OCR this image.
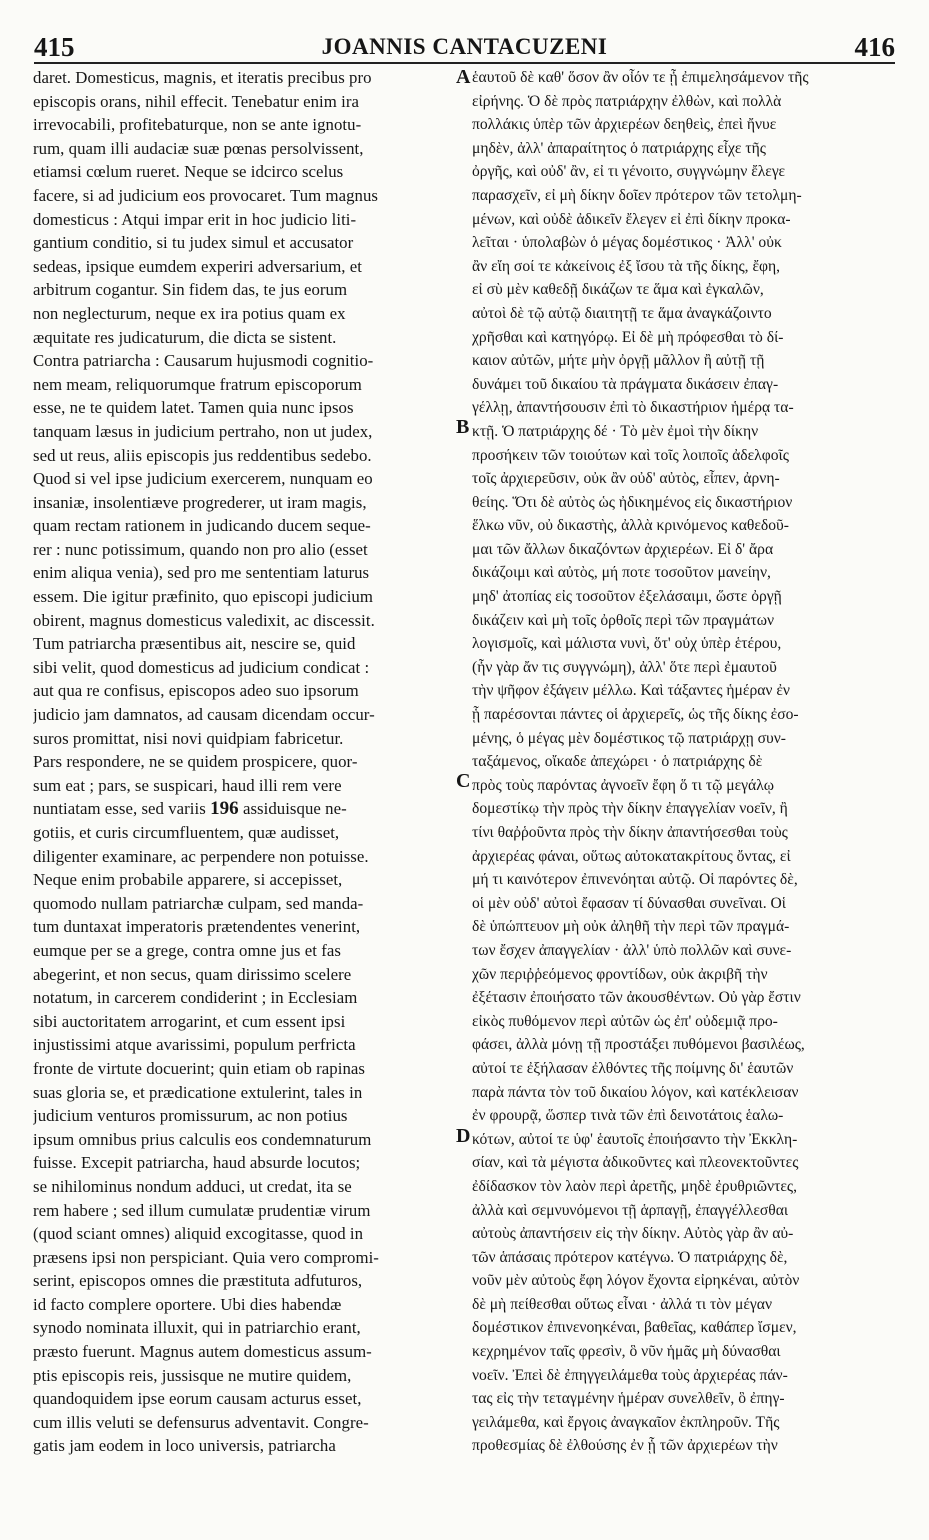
415	JOANNIS CANTACUZENI	416
daret. Domesticus, magnis, et iteratis precibus pro
episcopis orans, nihil effecit. Tenebatur enim ira
irrevocabili, profitebaturque, non se ante ignotu-
rum, quam illi audaciæ suæ pœnas persolvissent,
etiamsi cœlum rueret. Neque se idcirco scelus
facere, si ad judicium eos provocaret. Tum magnus
domesticus : Atqui impar erit in hoc judicio liti-
gantium conditio, si tu judex simul et accusator
sedeas, ipsique eumdem experiri adversarium, et
arbitrum cogantur. Sin fidem das, te jus eorum
non neglecturum, neque ex ira potius quam ex
æquitate res judicaturum, die dicta se sistent.
Contra patriarcha : Causarum hujusmodi cognitio-
nem meam, reliquorumque fratrum episcoporum
esse, ne te quidem latet. Tamen quia nunc ipsos
tanquam læsus in judicium pertraho, non ut judex,
sed ut reus, aliis episcopis jus reddentibus sedebo.
Quod si vel ipse judicium exercerem, nunquam eo
insaniæ, insolentiæve progrederer, ut iram magis,
quam rectam rationem in judicando ducem seque-
rer : nunc potissimum, quando non pro alio (esset
enim aliqua venia), sed pro me sententiam laturus
essem. Die igitur præfinito, quo episcopi judicium
obirent, magnus domesticus valedixit, ac discessit.
Tum patriarcha præsentibus ait, nescire se, quid
sibi velit, quod domesticus ad judicium condicat :
aut qua re confisus, episcopos adeo suo ipsorum
judicio jam damnatos, ad causam dicendam occur-
suros promittat, nisi novi quidpiam fabricetur.
Pars respondere, ne se quidem prospicere, quor-
sum eat ; pars, se suspicari, haud illi rem vere
nuntiatam esse, sed variis 196 assiduisque ne-
gotiis, et curis circumfluentem, quæ audisset,
diligenter examinare, ac perpendere non potuisse.
Neque enim probabile apparere, si accepisset,
quomodo nullam patriarchæ culpam, sed manda-
tum duntaxat imperatoris prætendentes venerint,
eumque per se a grege, contra omne jus et fas
abegerint, et non secus, quam dirissimo scelere
notatum, in carcerem condiderint ; in Ecclesiam
sibi auctoritatem arrogarint, et cum essent ipsi
injustissimi atque avarissimi, populum perfricta
fronte de virtute docuerint; quin etiam ob rapinas
suas gloria se, et prædicatione extulerint, tales in
judicium venturos promissurum, ac non potius
ipsum omnibus prius calculis eos condemnaturum
fuisse. Excepit patriarcha, haud absurde locutos;
se nihilominus nondum adduci, ut credat, ita se
rem habere ; sed illum cumulatæ prudentiæ virum
(quod sciant omnes) aliquid excogitasse, quod in
præsens ipsi non perspiciant. Quia vero compromi-
serint, episcopos omnes die præstituta adfuturos,
id facto complere oportere. Ubi dies habendæ
synodo nominata illuxit, qui in patriarchio erant,
præsto fuerunt. Magnus autem domesticus assum-
ptis episcopis reis, jussisque ne mutire quidem,
quandoquidem ipse eorum causam acturus esset,
cum illis veluti se defensurus adventavit. Congre-
gatis jam eodem in loco universis, patriarcha
ἑαυτοῦ δὲ καθ' ὅσον ἂν οἷόν τε ᾖ ἐπιμελησάμενον τῆς
εἰρήνης. Ὁ δὲ πρὸς πατριάρχην ἐλθὼν, καὶ πολλὰ
πολλάκις ὑπὲρ τῶν ἀρχιερέων δεηθεὶς, ἐπεὶ ἤνυε
μηδὲν, ἀλλ' ἀπαραίτητος ὁ πατριάρχης εἶχε τῆς
ὀργῆς, καὶ οὐδ' ἂν, εἰ τι γένοιτο, συγγνώμην ἔλεγε
παρασχεῖν, εἰ μὴ δίκην δοῖεν πρότερον τῶν τετολμη-
μένων, καὶ οὐδὲ ἀδικεῖν ἔλεγεν εἰ ἐπὶ δίκην προκα-
λεῖται · ὑπολαβὼν ὁ μέγας δομέστικος · Ἀλλ' οὐκ
ἂν εἴη σοί τε κἀκείνοις ἐξ ἴσου τὰ τῆς δίκης, ἔφη,
εἰ σὺ μὲν καθεδῇ δικάζων τε ἅμα καὶ ἐγκαλῶν,
αὐτοὶ δὲ τῷ αὐτῷ διαιτητῇ τε ἅμα ἀναγκάζοιντο
χρῆσθαι καὶ κατηγόρῳ. Εἰ δὲ μὴ πρόφεσθαι τὸ δί-
καιον αὐτῶν, μήτε μὴν ὀργῇ μᾶλλον ἢ αὐτῇ τῇ
δυνάμει τοῦ δικαίου τὰ πράγματα δικάσειν ἐπαγ-
γέλλῃ, ἀπαντήσουσιν ἐπὶ τὸ δικαστήριον ἡμέρᾳ τα-
κτῇ. Ὁ πατριάρχης δέ · Τὸ μὲν ἐμοὶ τὴν δίκην
προσήκειν τῶν τοιούτων καὶ τοῖς λοιποῖς ἀδελφοῖς
τοῖς ἀρχιερεῦσιν, οὐκ ἂν οὐδ' αὐτὸς, εἶπεν, ἀρνη-
θείης. Ὅτι δὲ αὐτὸς ὡς ἠδικημένος εἰς δικαστήριον
ἕλκω νῦν, οὐ δικαστὴς, ἀλλὰ κρινόμενος καθεδοῦ-
μαι τῶν ἄλλων δικαζόντων ἀρχιερέων. Εἰ δ' ἄρα
δικάζοιμι καὶ αὐτὸς, μή ποτε τοσοῦτον μανείην,
μηδ' ἀτοπίας εἰς τοσοῦτον ἐξελάσαιμι, ὥστε ὀργῇ
δικάζειν καὶ μὴ τοῖς ὀρθοῖς περὶ τῶν πραγμάτων
λογισμοῖς, καὶ μάλιστα νυνὶ, ὅτ' οὐχ ὑπὲρ ἑτέρου,
(ἦν γὰρ ἄν τις συγγνώμη), ἀλλ' ὅτε περὶ ἐμαυτοῦ
τὴν ψῆφον ἐξάγειν μέλλω. Καὶ τάξαντες ἡμέραν ἐν
ᾗ παρέσονται πάντες οἱ ἀρχιερεῖς, ὡς τῆς δίκης ἐσο-
μένης, ὁ μέγας μὲν δομέστικος τῷ πατριάρχῃ συν-
ταξάμενος, οἴκαδε ἀπεχώρει · ὁ πατριάρχης δὲ
πρὸς τοὺς παρόντας ἀγνοεῖν ἔφη ὅ τι τῷ μεγάλῳ
δομεστίκῳ τὴν πρὸς τὴν δίκην ἐπαγγελίαν νοεῖν, ἢ
τίνι θαῤῥοῦντα πρὸς τὴν δίκην ἀπαντήσεσθαι τοὺς
ἀρχιερέας φάναι, οὕτως αὐτοκατακρίτους ὄντας, εἰ
μή τι καινότερον ἐπινενόηται αὐτῷ. Οἱ παρόντες δὲ,
οἱ μὲν οὐδ' αὐτοὶ ἔφασαν τί δύνασθαι συνεῖναι. Οἱ
δὲ ὑπώπτευον μὴ οὐκ ἀληθῆ τὴν περὶ τῶν πραγμά-
των ἔσχεν ἀπαγγελίαν · ἀλλ' ὑπὸ πολλῶν καὶ συνε-
χῶν περιῤῥεόμενος φροντίδων, οὐκ ἀκριβῆ τὴν
ἐξέτασιν ἐποιήσατο τῶν ἀκουσθέντων. Οὐ γὰρ ἔστιν
εἰκὸς πυθόμενον περὶ αὐτῶν ὡς ἐπ' οὐδεμιᾷ προ-
φάσει, ἀλλὰ μόνῃ τῇ προστάξει πυθόμενοι βασιλέως,
αὐτοί τε ἐξήλασαν ἐλθόντες τῆς ποίμνης δι' ἑαυτῶν
παρὰ πάντα τὸν τοῦ δικαίου λόγον, καὶ κατέκλεισαν
ἐν φρουρᾷ, ὥσπερ τινὰ τῶν ἐπὶ δεινοτάτοις ἑαλω-
κότων, αὐτοί τε ὑφ' ἑαυτοῖς ἐποιήσαντο τὴν Ἐκκλη-
σίαν, καὶ τὰ μέγιστα ἀδικοῦντες καὶ πλεονεκτοῦντες
ἐδίδασκον τὸν λαὸν περὶ ἀρετῆς, μηδὲ ἐρυθριῶντες,
ἀλλὰ καὶ σεμνυνόμενοι τῇ ἁρπαγῇ, ἐπαγγέλλεσθαι
αὐτοὺς ἀπαντήσειν εἰς τὴν δίκην. Αὐτὸς γὰρ ἂν αὐ-
τῶν ἁπάσαις πρότερον κατέγνω. Ὁ πατριάρχης δὲ,
νοῦν μὲν αὐτοὺς ἔφη λόγον ἔχοντα εἰρηκέναι, αὐτὸν
δὲ μὴ πείθεσθαι οὕτως εἶναι · ἀλλά τι τὸν μέγαν
δομέστικον ἐπινενοηκέναι, βαθεῖας, καθάπερ ἴσμεν,
κεχρημένον ταῖς φρεσὶν, ὃ νῦν ἡμᾶς μὴ δύνασθαι
νοεῖν. Ἐπεὶ δὲ ἐπηγγειλάμεθα τοὺς ἀρχιερέας πάν-
τας εἰς τὴν τεταγμένην ἡμέραν συνελθεῖν, ὃ ἐπηγ-
γειλάμεθα, καὶ ἔργοις ἀναγκαῖον ἐκπληροῦν. Τῆς
προθεσμίας δὲ ἐλθούσης ἐν ᾗ τῶν ἀρχιερέων τὴν
A
B
C
D
